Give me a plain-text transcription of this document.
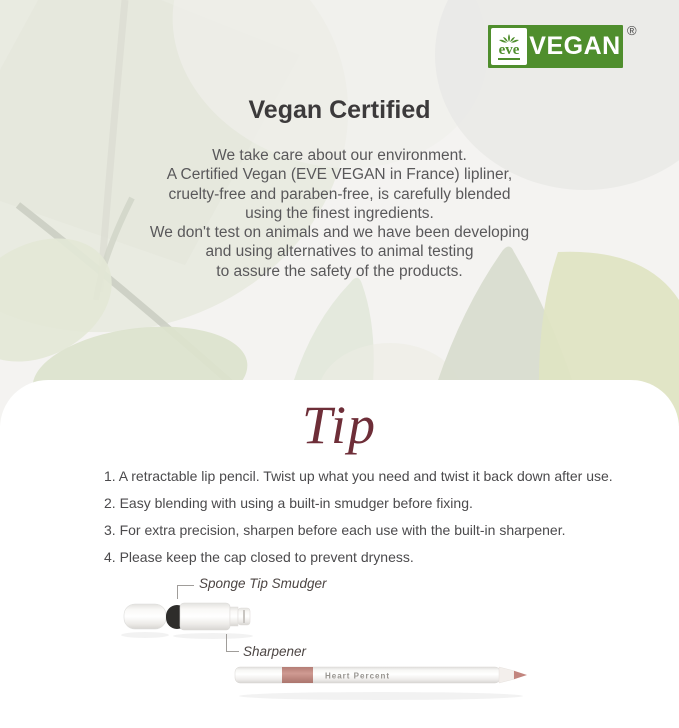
eve VEGAN
®
Vegan Certified
We take care about our environment.
A Certified Vegan (EVE VEGAN in France) lipliner,
cruelty-free and paraben-free, is carefully blended
using the finest ingredients.
We don't test on animals and we have been developing
and using alternatives to animal testing
to assure the safety of the products.
Tip
1. A retractable lip pencil. Twist up what you need and twist it back down after use.
2. Easy blending with using a built-in smudger before fixing.
3. For extra precision, sharpen before each use with the built-in sharpener.
4. Please keep the cap closed to prevent dryness.
Sponge Tip Smudger
Sharpener
Heart Percent
